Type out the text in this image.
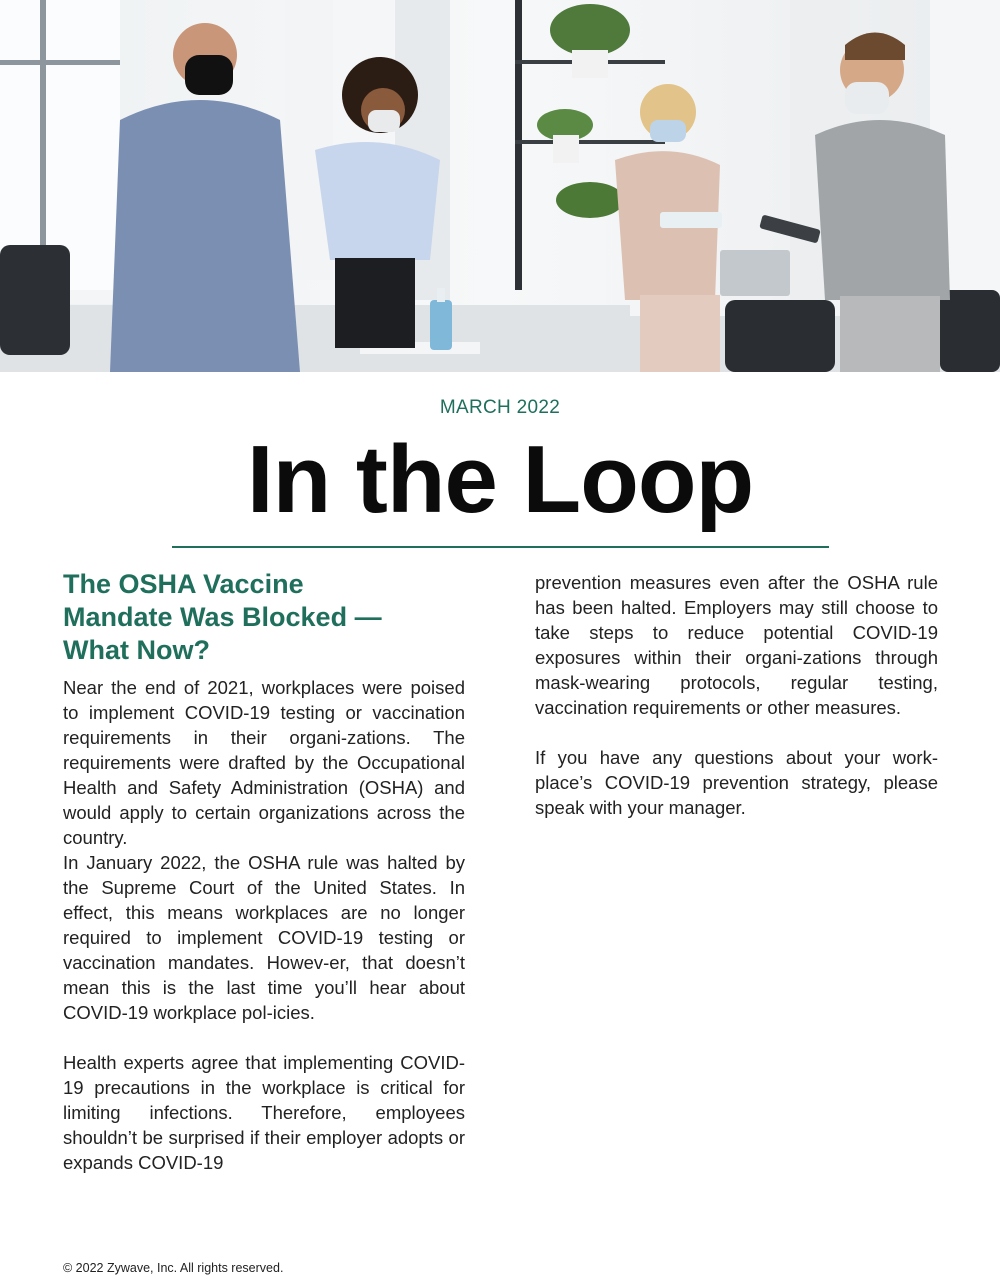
MARCH 2022
In the Loop
The OSHA Vaccine
Mandate Was Blocked —
What Now?

Near the end of 2021, workplaces were poised to implement COVID-19 testing or vaccination requirements in their organi-zations. The requirements were drafted by the Occupational Health and Safety Administration (OSHA) and would apply to certain organizations across the country.

In January 2022, the OSHA rule was halted by the Supreme Court of the United States. In effect, this means workplaces are no longer required to implement COVID-19 testing or vaccination mandates. Howev-er, that doesn’t mean this is the last time you’ll hear about COVID-19 workplace pol-icies.

Health experts agree that implementing COVID-19 precautions in the workplace is critical for limiting infections. Therefore, employees shouldn’t be surprised if their employer adopts or expands COVID-19

prevention measures even after the OSHA rule has been halted. Employers may still choose to take steps to reduce potential COVID-19 exposures within their organi-zations through mask-wearing protocols, regular testing, vaccination requirements or other measures.

If you have any questions about your work-place’s COVID-19 prevention strategy, please speak with your manager.

© 2022 Zywave, Inc. All rights reserved.
